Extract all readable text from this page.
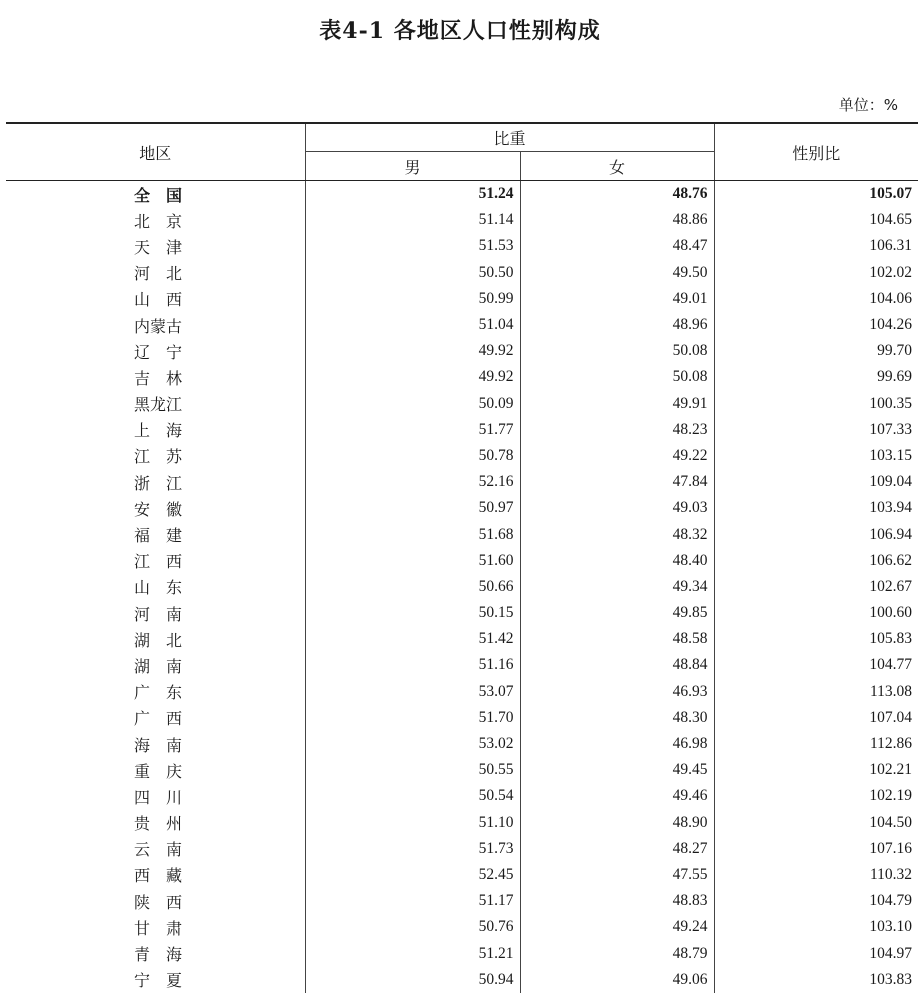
表4-1 各地区人口性别构成
单位：%
地区	比重		性别比
	男	女	
全　国	51.24	48.76	105.07
北　京	51.14	48.86	104.65
天　津	51.53	48.47	106.31
河　北	50.50	49.50	102.02
山　西	50.99	49.01	104.06
内蒙古	51.04	48.96	104.26
辽　宁	49.92	50.08	99.70
吉　林	49.92	50.08	99.69
黑龙江	50.09	49.91	100.35
上　海	51.77	48.23	107.33
江　苏	50.78	49.22	103.15
浙　江	52.16	47.84	109.04
安　徽	50.97	49.03	103.94
福　建	51.68	48.32	106.94
江　西	51.60	48.40	106.62
山　东	50.66	49.34	102.67
河　南	50.15	49.85	100.60
湖　北	51.42	48.58	105.83
湖　南	51.16	48.84	104.77
广　东	53.07	46.93	113.08
广　西	51.70	48.30	107.04
海　南	53.02	46.98	112.86
重　庆	50.55	49.45	102.21
四　川	50.54	49.46	102.19
贵　州	51.10	48.90	104.50
云　南	51.73	48.27	107.16
西　藏	52.45	47.55	110.32
陕　西	51.17	48.83	104.79
甘　肃	50.76	49.24	103.10
青　海	51.21	48.79	104.97
宁　夏	50.94	49.06	103.83
